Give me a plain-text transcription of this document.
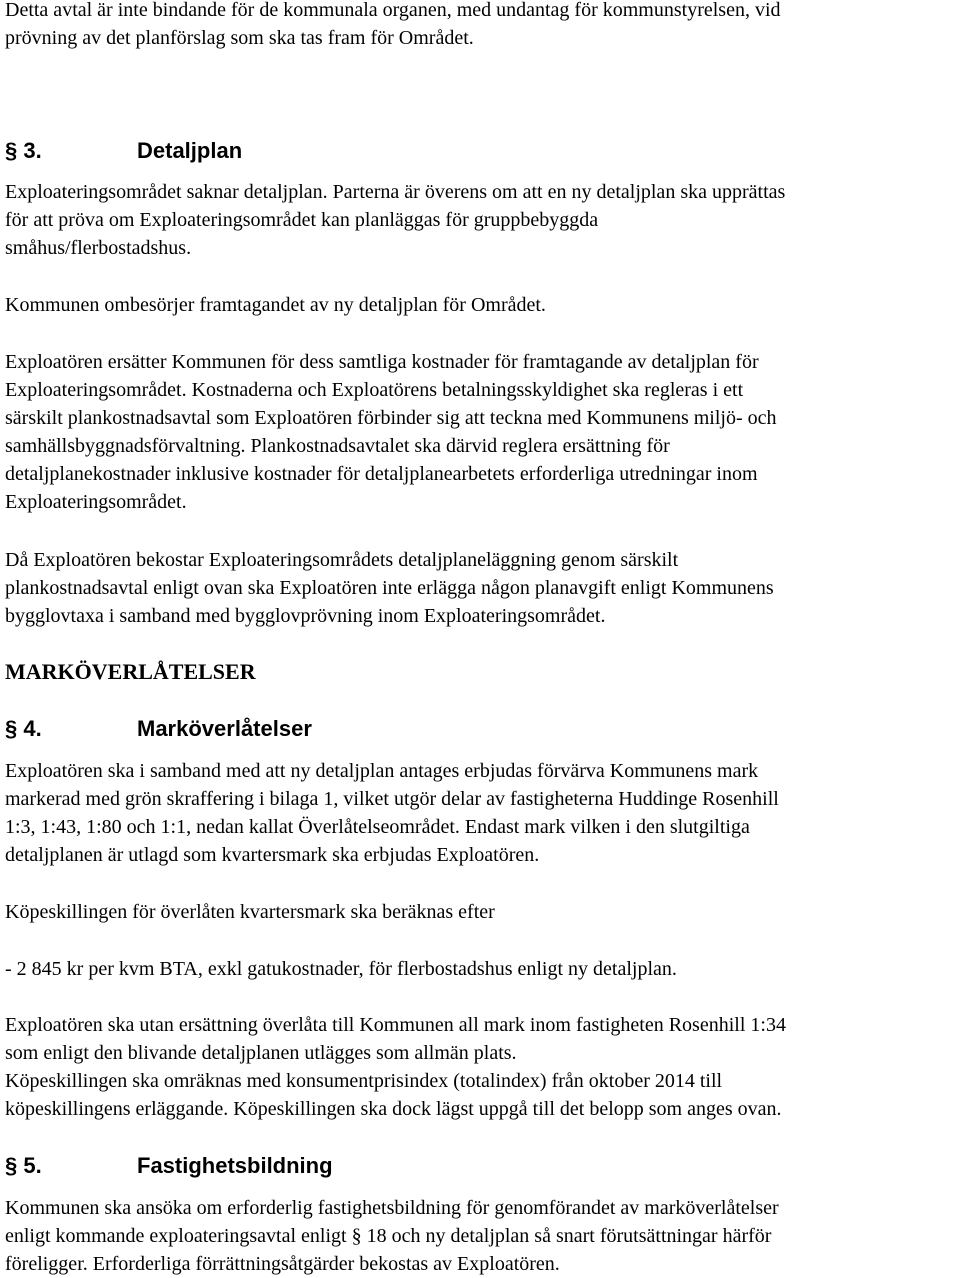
Detta avtal är inte bindande för de kommunala organen, med undantag för kommunstyrelsen, vid
prövning av det planförslag som ska tas fram för Området.

§ 3.	Detaljplan

Exploateringsområdet saknar detaljplan. Parterna är överens om att en ny detaljplan ska upprättas
för att pröva om Exploateringsområdet kan planläggas för gruppbebyggda
småhus/flerbostadshus.

Kommunen ombesörjer framtagandet av ny detaljplan för Området.

Exploatören ersätter Kommunen för dess samtliga kostnader för framtagande av detaljplan för
Exploateringsområdet. Kostnaderna och Exploatörens betalningsskyldighet ska regleras i ett
särskilt plankostnadsavtal som Exploatören förbinder sig att teckna med Kommunens miljö- och
samhällsbyggnadsförvaltning. Plankostnadsavtalet ska därvid reglera ersättning för
detaljplanekostnader inklusive kostnader för detaljplanearbetets erforderliga utredningar inom
Exploateringsområdet.

Då Exploatören bekostar Exploateringsområdets detaljplaneläggning genom särskilt
plankostnadsavtal enligt ovan ska Exploatören inte erlägga någon planavgift enligt Kommunens
bygglovtaxa i samband med bygglovprövning inom Exploateringsområdet.

MARKÖVERLÅTELSER
§ 4.	Marköverlåtelser

Exploatören ska i samband med att ny detaljplan antages erbjudas förvärva Kommunens mark
markerad med grön skraffering i bilaga 1, vilket utgör delar av fastigheterna Huddinge Rosenhill
1:3, 1:43, 1:80 och 1:1, nedan kallat Överlåtelseområdet. Endast mark vilken i den slutgiltiga
detaljplanen är utlagd som kvartersmark ska erbjudas Exploatören.

Köpeskillingen för överlåten kvartersmark ska beräknas efter

- 2 845 kr per kvm BTA, exkl gatukostnader, för flerbostadshus enligt ny detaljplan.

Exploatören ska utan ersättning överlåta till Kommunen all mark inom fastigheten Rosenhill 1:34
som enligt den blivande detaljplanen utlägges som allmän plats.
Köpeskillingen ska omräknas med konsumentprisindex (totalindex) från oktober 2014 till
köpeskillingens erläggande. Köpeskillingen ska dock lägst uppgå till det belopp som anges ovan.

§ 5.	Fastighetsbildning

Kommunen ska ansöka om erforderlig fastighetsbildning för genomförandet av marköverlåtelser
enligt kommande exploateringsavtal enligt § 18 och ny detaljplan så snart förutsättningar härför
föreligger. Erforderliga förrättningsåtgärder bekostas av Exploatören.
